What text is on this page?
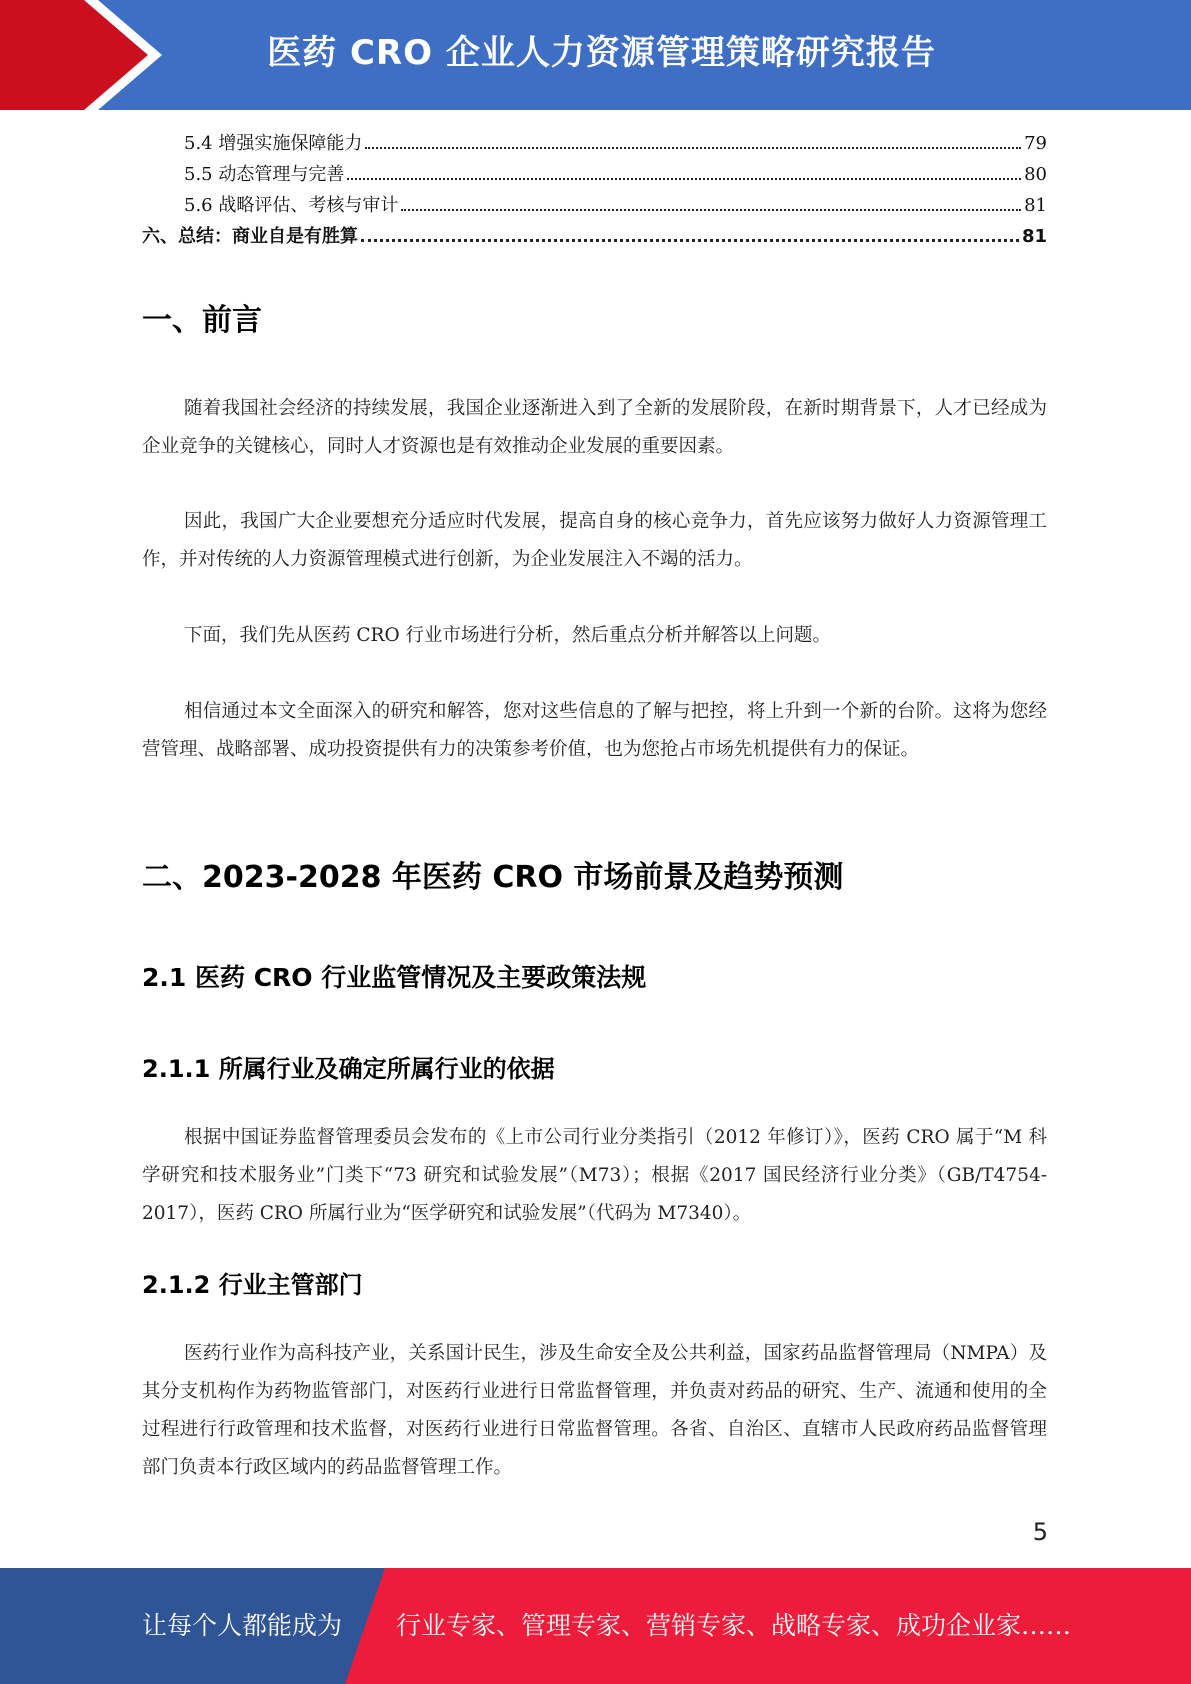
医药 CRO 企业人力资源管理策略研究报告
5.4 增强实施保障能力	79
5.5 动态管理与完善	80
5.6 战略评估、考核与审计	81
六、总结：商业自是有胜算	81
一、前言

随着我国社会经济的持续发展，我国企业逐渐进入到了全新的发展阶段，在新时期背景下，人才已经成为企业竞争的关键核心，同时人才资源也是有效推动企业发展的重要因素。

因此，我国广大企业要想充分适应时代发展，提高自身的核心竞争力，首先应该努力做好人力资源管理工作，并对传统的人力资源管理模式进行创新，为企业发展注入不竭的活力。

下面，我们先从医药 CRO 行业市场进行分析，然后重点分析并解答以上问题。

相信通过本文全面深入的研究和解答，您对这些信息的了解与把控，将上升到一个新的台阶。这将为您经营管理、战略部署、成功投资提供有力的决策参考价值，也为您抢占市场先机提供有力的保证。

二、2023-2028 年医药 CRO 市场前景及趋势预测
2.1 医药 CRO 行业监管情况及主要政策法规
2.1.1 所属行业及确定所属行业的依据

根据中国证券监督管理委员会发布的《上市公司行业分类指引（2012 年修订）》，医药 CRO 属于“M 科学研究和技术服务业”门类下“73 研究和试验发展”（M73）；根据《2017 国民经济行业分类》（GB/T4754-2017），医药 CRO 所属行业为“医学研究和试验发展”（代码为 M7340）。

2.1.2 行业主管部门

医药行业作为高科技产业，关系国计民生，涉及生命安全及公共利益，国家药品监督管理局（NMPA）及其分支机构作为药物监管部门，对医药行业进行日常监督管理，并负责对药品的研究、生产、流通和使用的全过程进行行政管理和技术监督，对医药行业进行日常监督管理。各省、自治区、直辖市人民政府药品监督管理部门负责本行政区域内的药品监督管理工作。

5
让每个人都能成为 行业专家、管理专家、营销专家、战略专家、成功企业家……
